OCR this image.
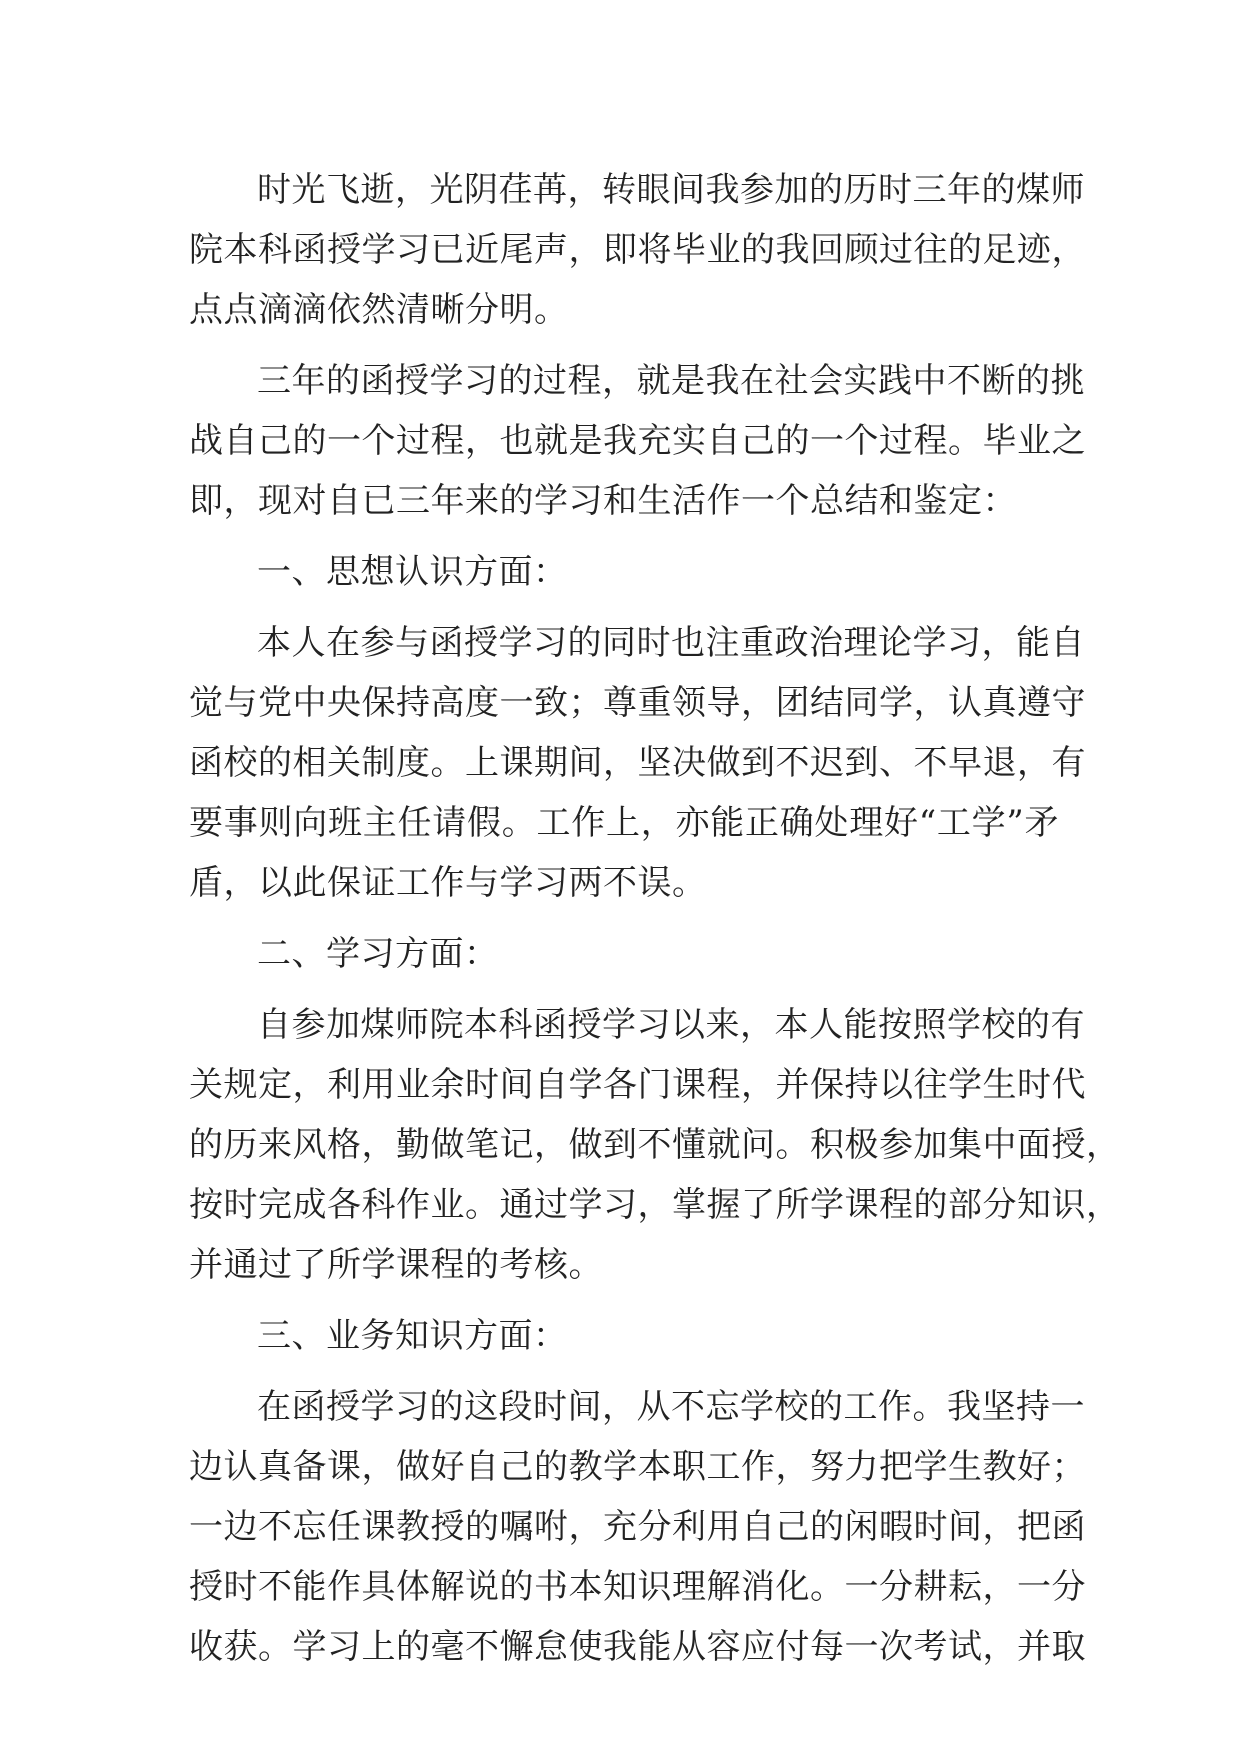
时光飞逝，光阴荏苒，转眼间我参加的历时三年的煤师
院本科函授学习已近尾声，即将毕业的我回顾过往的足迹，
点点滴滴依然清晰分明。
三年的函授学习的过程，就是我在社会实践中不断的挑
战自己的一个过程，也就是我充实自己的一个过程。毕业之
即，现对自已三年来的学习和生活作一个总结和鉴定：
一、思想认识方面：
本人在参与函授学习的同时也注重政治理论学习，能自
觉与党中央保持高度一致；尊重领导，团结同学，认真遵守
函校的相关制度。上课期间，坚决做到不迟到、不早退，有
要事则向班主任请假。工作上，亦能正确处理好“工学”矛
盾，以此保证工作与学习两不误。
二、学习方面：
自参加煤师院本科函授学习以来，本人能按照学校的有
关规定，利用业余时间自学各门课程，并保持以往学生时代
的历来风格，勤做笔记，做到不懂就问。积极参加集中面授，
按时完成各科作业。通过学习，掌握了所学课程的部分知识，
并通过了所学课程的考核。
三、业务知识方面：
在函授学习的这段时间，从不忘学校的工作。我坚持一
边认真备课，做好自己的教学本职工作，努力把学生教好；
一边不忘任课教授的嘱咐，充分利用自己的闲暇时间，把函
授时不能作具体解说的书本知识理解消化。一分耕耘，一分
收获。学习上的毫不懈怠使我能从容应付每一次考试，并取
